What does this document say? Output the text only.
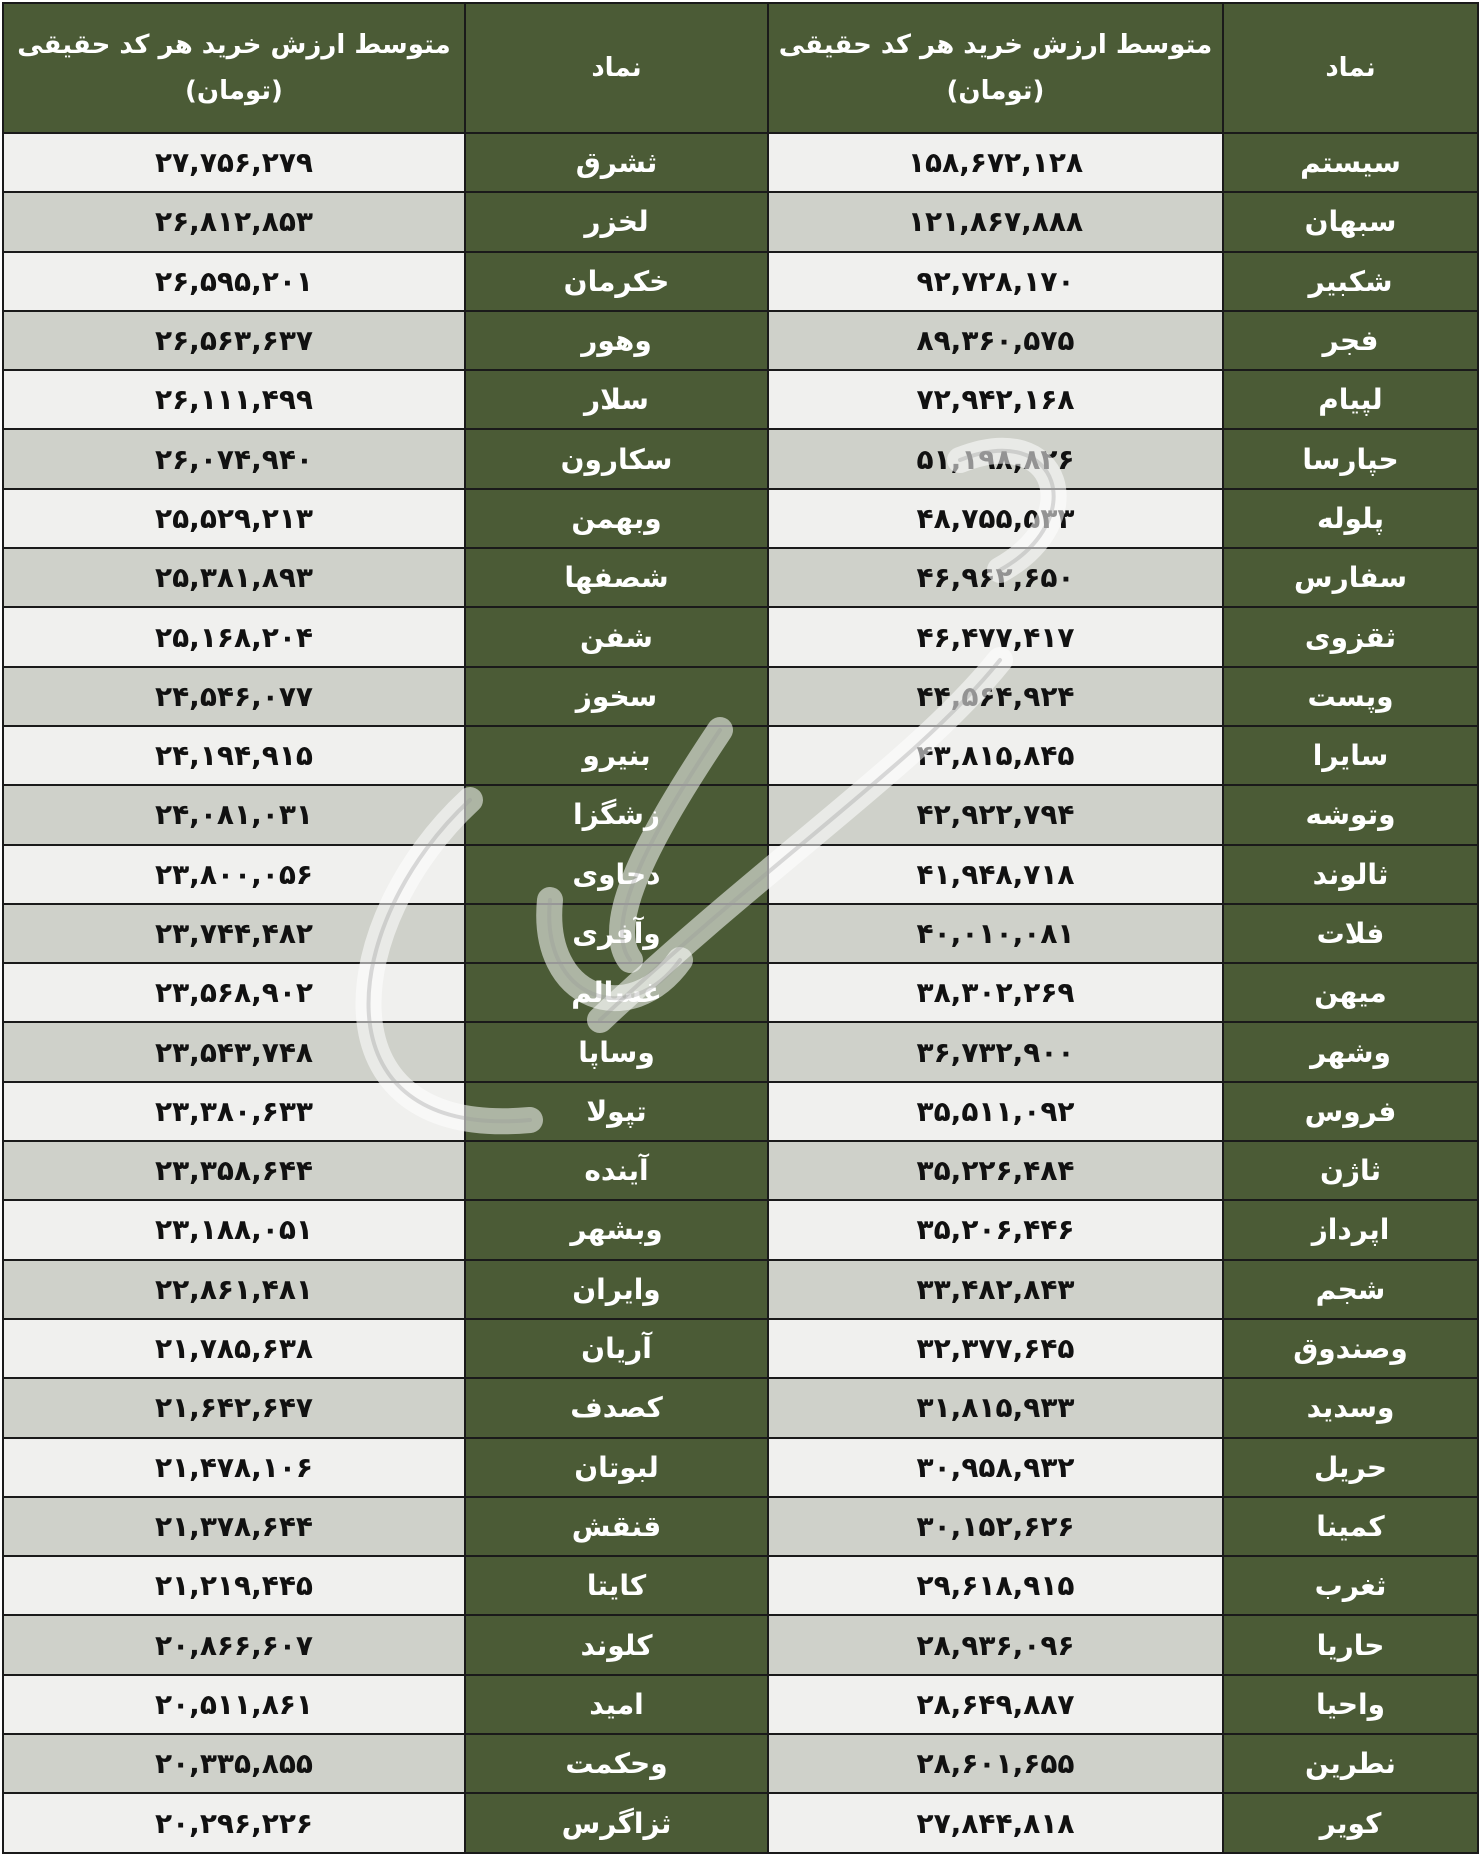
نماد	متوسط ارزش خرید هر کد حقیقی
(تومان)	نماد	متوسط ارزش خرید هر کد حقیقی
(تومان)

سیستم	۱۵۸,۶۷۲,۱۲۸	ثشرق	۲۷,۷۵۶,۲۷۹
سبهان	۱۲۱,۸۶۷,۸۸۸	لخزر	۲۶,۸۱۲,۸۵۳
شکبیر	۹۲,۷۲۸,۱۷۰	خکرمان	۲۶,۵۹۵,۲۰۱
فجر	۸۹,۳۶۰,۵۷۵	وهور	۲۶,۵۶۳,۶۳۷
لپیام	۷۲,۹۴۲,۱۶۸	سلار	۲۶,۱۱۱,۴۹۹
حپارسا	۵۱,۱۹۸,۸۲۶	سکارون	۲۶,۰۷۴,۹۴۰
پلوله	۴۸,۷۵۵,۵۳۳	وبهمن	۲۵,۵۲۹,۲۱۳
سفارس	۴۶,۹۶۲,۶۵۰	شصفها	۲۵,۳۸۱,۸۹۳
ثقزوی	۴۶,۴۷۷,۴۱۷	شفن	۲۵,۱۶۸,۲۰۴
وپست	۴۴,۵۶۴,۹۲۴	سخوز	۲۴,۵۴۶,۰۷۷
سایرا	۴۳,۸۱۵,۸۴۵	بنیرو	۲۴,۱۹۴,۹۱۵
وتوشه	۴۲,۹۲۲,۷۹۴	زشگزا	۲۴,۰۸۱,۰۳۱
ثالوند	۴۱,۹۴۸,۷۱۸	دحاوی	۲۳,۸۰۰,۰۵۶
فلات	۴۰,۰۱۰,۰۸۱	وآفری	۲۳,۷۴۴,۴۸۲
میهن	۳۸,۳۰۲,۲۶۹	غسالم	۲۳,۵۶۸,۹۰۲
وشهر	۳۶,۷۳۲,۹۰۰	وساپا	۲۳,۵۴۳,۷۴۸
فروس	۳۵,۵۱۱,۰۹۲	تپولا	۲۳,۳۸۰,۶۳۳
ثاژن	۳۵,۲۲۶,۴۸۴	آینده	۲۳,۳۵۸,۶۴۴
اپرداز	۳۵,۲۰۶,۴۴۶	وبشهر	۲۳,۱۸۸,۰۵۱
شجم	۳۳,۴۸۲,۸۴۳	وایران	۲۲,۸۶۱,۴۸۱
وصندوق	۳۲,۳۷۷,۶۴۵	آریان	۲۱,۷۸۵,۶۳۸
وسدید	۳۱,۸۱۵,۹۳۳	کصدف	۲۱,۶۴۲,۶۴۷
حریل	۳۰,۹۵۸,۹۳۲	لبوتان	۲۱,۴۷۸,۱۰۶
کمینا	۳۰,۱۵۲,۶۲۶	قنقش	۲۱,۳۷۸,۶۴۴
ثغرب	۲۹,۶۱۸,۹۱۵	کایتا	۲۱,۲۱۹,۴۴۵
حاریا	۲۸,۹۳۶,۰۹۶	کلوند	۲۰,۸۶۶,۶۰۷
واحیا	۲۸,۶۴۹,۸۸۷	امید	۲۰,۵۱۱,۸۶۱
نطرین	۲۸,۶۰۱,۶۵۵	وحکمت	۲۰,۳۳۵,۸۵۵
کویر	۲۷,۸۴۴,۸۱۸	ثزاگرس	۲۰,۲۹۶,۲۲۶
